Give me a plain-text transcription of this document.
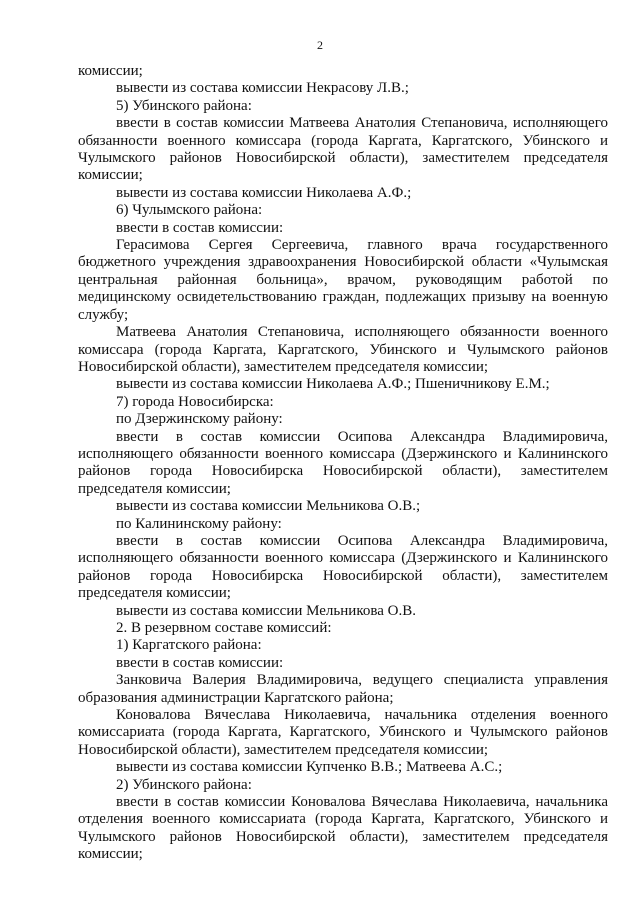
2

комиссии;

вывести из состава комиссии Некрасову Л.В.;

5) Убинского района:

ввести в состав комиссии Матвеева Анатолия Степановича, исполняющего обязанности военного комиссара (города Каргата, Каргатского, Убинского и Чулымского районов Новосибирской области), заместителем председателя комиссии;

вывести из состава комиссии Николаева А.Ф.;

6) Чулымского района:

ввести в состав комиссии:

Герасимова Сергея Сергеевича, главного врача государственного бюджетного учреждения здравоохранения Новосибирской области «Чулымская центральная районная больница», врачом, руководящим работой по медицинскому освидетельствованию граждан, подлежащих призыву на военную службу;

Матвеева Анатолия Степановича, исполняющего обязанности военного комиссара (города Каргата, Каргатского, Убинского и Чулымского районов Новосибирской области), заместителем председателя комиссии;

вывести из состава комиссии Николаева А.Ф.; Пшеничникову Е.М.;

7) города Новосибирска:

по Дзержинскому району:

ввести в состав комиссии Осипова Александра Владимировича, исполняющего обязанности военного комиссара (Дзержинского и Калининского районов города Новосибирска Новосибирской области), заместителем председателя комиссии;

вывести из состава комиссии Мельникова О.В.;

по Калининскому району:

ввести в состав комиссии Осипова Александра Владимировича, исполняющего обязанности военного комиссара (Дзержинского и Калининского районов города Новосибирска Новосибирской области), заместителем председателя комиссии;

вывести из состава комиссии Мельникова О.В.

2. В резервном составе комиссий:

1) Каргатского района:

ввести в состав комиссии:

Занковича Валерия Владимировича, ведущего специалиста управления образования администрации Каргатского района;

Коновалова Вячеслава Николаевича, начальника отделения военного комиссариата (города Каргата, Каргатского, Убинского и Чулымского районов Новосибирской области), заместителем председателя комиссии;

вывести из состава комиссии Купченко В.В.; Матвеева А.С.;

2) Убинского района:

ввести в состав комиссии Коновалова Вячеслава Николаевича, начальника отделения военного комиссариата (города Каргата, Каргатского, Убинского и Чулымского районов Новосибирской области), заместителем председателя комиссии;
